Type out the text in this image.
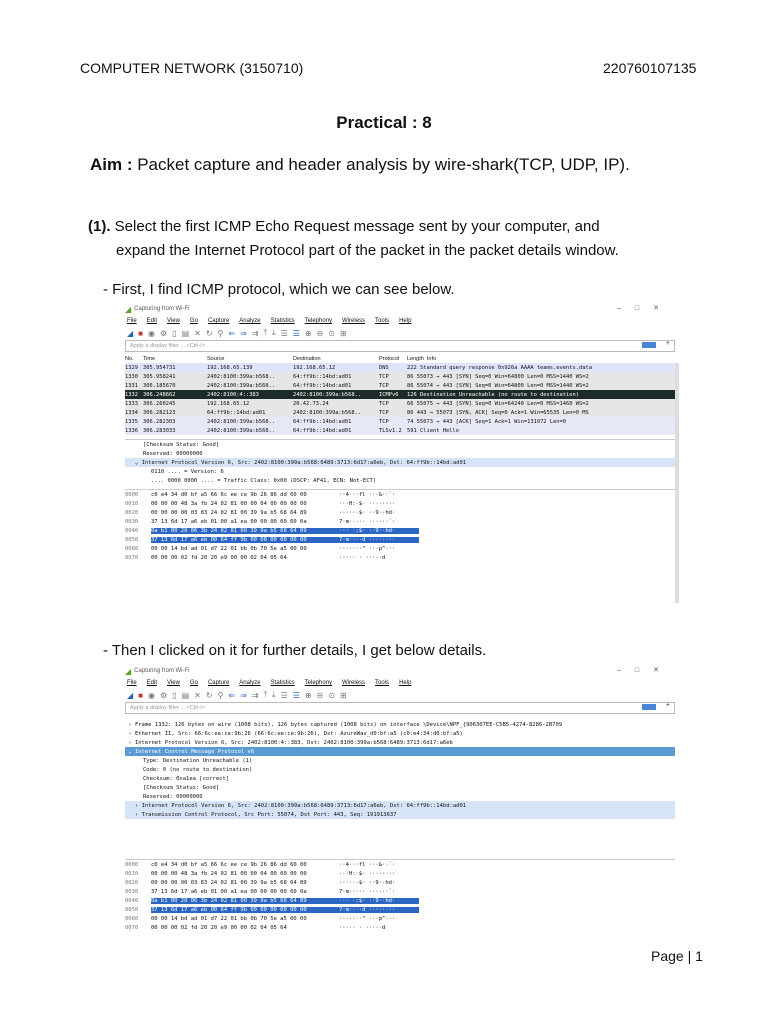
COMPUTER NETWORK (3150710)	220760107135
Practical : 8
Aim : Packet capture and header analysis by wire-shark(TCP, UDP, IP).
(1). Select the first ICMP Echo Request message sent by your computer, and
expand the Internet Protocol part of the packet in the packet details window.
- First, I find ICMP protocol, which we can see below.
◢ Capturing from Wi-Fi	–□✕
File Edit View Go Capture Analyze Statistics Telephony Wireless Tools Help
◢ ■ ◉ ⚙ ▯ ▤ ✕ ↻ ⚲ ⇐ ⇒ ⇉ ⤒ ⤓ ☰ ☰ ⊕ ⊖ ⊙ ⊞
Apply a display filter ... <Ctrl-/>	+
No.	Time	Source	Destination	Protocol	Length Info
1329 305.954731	192.168.65.139	192.168.65.12	DNS	222 Standard query response 0x926a AAAA teams.events.data
1330 305.958241	2402:8100:399a:b568..	64:ff9b::14bd:ad01	TCP	86 55073 → 443 [SYN] Seq=0 Win=64800 Len=0 MSS=1440 WS=2
1331 306.185670	2402:8100:399a:b568..	64:ff9b::14bd:ad01	TCP	86 55074 → 443 [SYN] Seq=0 Win=64800 Len=0 MSS=1440 WS=2
1332 306.248662	2402:8100:4::383	2402:8100:399a:b568..	ICMPv6	126 Destination Unreachable (no route to destination)
1333 306.260245	192.168.65.12	20.42.73.24	TCP	66 55075 → 443 [SYN] Seq=0 Win=64240 Len=0 MSS=1460 WS=2
1334 306.282123	64:ff9b::14bd:ad01	2402:8100:399a:b568..	TCP	86 443 → 55073 [SYN, ACK] Seq=0 Ack=1 Win=65535 Len=0 MS
1335 306.282303	2402:8100:399a:b568..	64:ff9b::14bd:ad01	TCP	74 55073 → 443 [ACK] Seq=1 Ack=1 Win=131072 Len=0
1336 306.283033	2402:8100:399a:b568..	64:ff9b::14bd:ad01	TLSv1.2 591 Client Hello
[Checksum Status: Good]
Reserved: 00000000
⌄ Internet Protocol Version 6, Src: 2402:8100:399a:b568:6489:3713:6d17:a6eb, Dst: 64:ff9b::14bd:ad01
0110 .... = Version: 6
.... 0000 0000 .... = Traffic Class: 0x00 (DSCP: AF41, ECN: Not-ECT)
0000	c0 e4 34 d0 bf a5 66 6c ee ce 9b 26 86 dd 60 00	··4···fl ···&··`·
0010	00 00 00 48 3a fb 24 02 81 00 00 04 00 00 00 00	···H:·$· ········
0020	00 00 00 00 03 83 24 02 81 00 39 9a b5 68 64 89	······$· ··9··hd·
0030	37 13 6d 17 a6 eb 01 00 a1 ea 00 00 00 00 60 0a	7·m····· ······`·
0040	0a b1 00 20 06 3b 24 02 81 00 39 9a b5 68 64 89	··· ·;$· ··9··hd·
0050	37 13 6d 17 a6 eb 00 64 ff 9b 00 00 00 00 00 00	7·m····d ········
0060	00 00 14 bd ad 01 d7 22 01 bb 0b 70 5e a5 00 00	·······" ···p^···
0070	00 00 00 02 fd 20 20 e9 00 00 02 04 05 64	····· · ·····d
- Then I clicked on it for further details, I get below details.
◢ Capturing from Wi-Fi	–□✕
File Edit View Go Capture Analyze Statistics Telephony Wireless Tools Help
◢ ■ ◉ ⚙ ▯ ▤ ✕ ↻ ⚲ ⇐ ⇒ ⇉ ⤒ ⤓ ☰ ☰ ⊕ ⊖ ⊙ ⊞
Apply a display filter ... <Ctrl-/>	+
› Frame 1332: 126 bytes on wire (1008 bits), 126 bytes captured (1008 bits) on interface \Device\NPF_{906307EE-C5B5-4274-8286-2B709
› Ethernet II, Src: 66:6c:ee:ce:9b:26 (66:6c:ee:ce:9b:26), Dst: AzureWav_d0:bf:a5 (c0:e4:34:d0:bf:a5)
› Internet Protocol Version 6, Src: 2402:8100:4::383, Dst: 2402:8100:399a:b568:6489:3713:6d17:a6eb
⌄ Internet Control Message Protocol v6
Type: Destination Unreachable (1)
Code: 0 (no route to destination)
Checksum: 0xa1ea [correct]
[Checksum Status: Good]
Reserved: 00000000
› Internet Protocol Version 6, Src: 2402:8100:399a:b568:6489:3713:6d17:a6eb, Dst: 64:ff9b::14bd:ad01
› Transmission Control Protocol, Src Port: 55074, Dst Port: 443, Seq: 191913637
0000	c0 e4 34 d0 bf a5 66 6c ee ce 9b 26 86 dd 60 00	··4···fl ···&··`·
0010	00 00 00 48 3a fb 24 02 81 00 00 04 00 00 00 00	···H:·$· ········
0020	00 00 00 00 03 83 24 02 81 00 39 9a b5 68 64 89	······$· ··9··hd·
0030	37 13 6d 17 a6 eb 01 00 a1 ea 00 00 00 00 60 0a	7·m····· ······`·
0040	0a b1 00 20 06 3b 24 02 81 00 39 9a b5 68 64 89	··· ·;$· ··9··hd·
0050	37 13 6d 17 a6 eb 00 64 ff 9b 00 00 00 00 00 00	7·m····d ········
0060	00 00 14 bd ad 01 d7 22 01 bb 0b 70 5e a5 00 00	·······" ···p^···
0070	00 00 00 02 fd 20 20 e9 00 00 02 04 05 64	····· · ·····d
Page | 1
